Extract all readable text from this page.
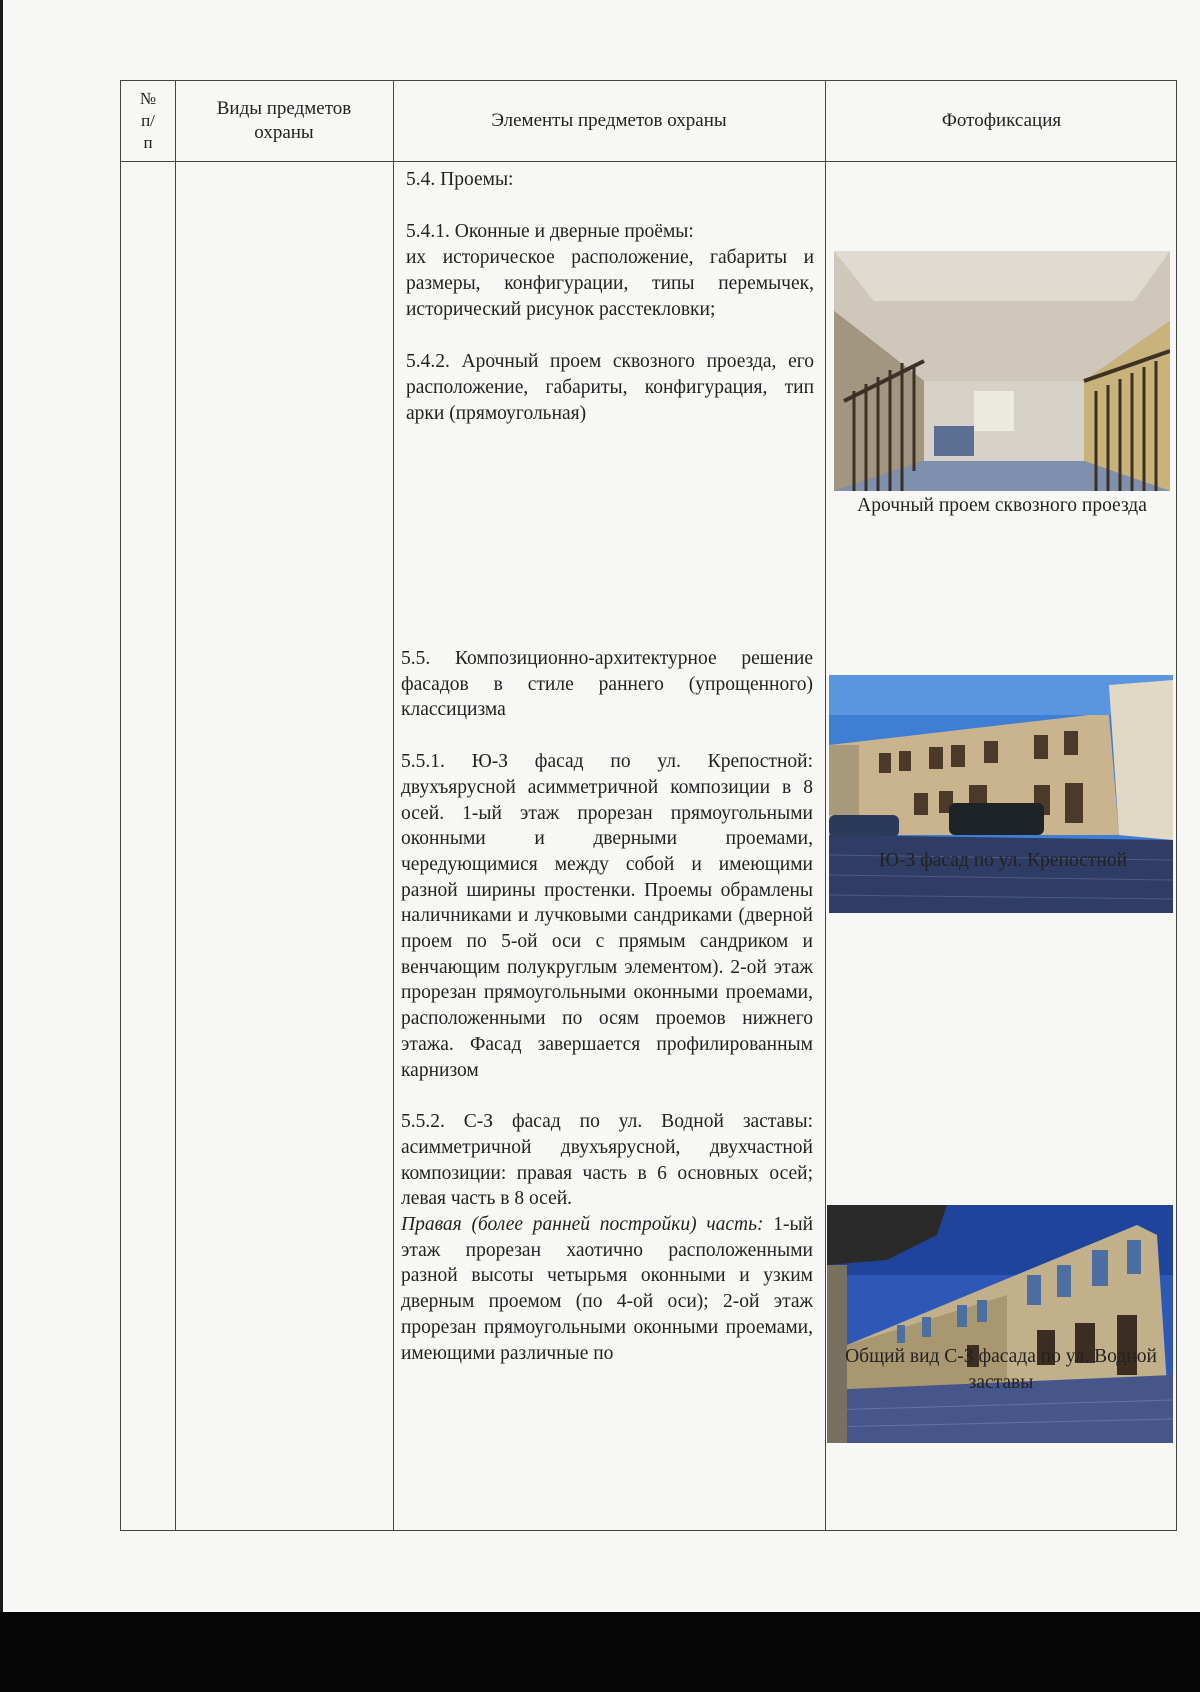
№ п/ п
Виды предметов охраны
Элементы предметов охраны	Фотофиксация

5.4. Проемы:

5.4.1. Оконные и дверные проёмы:

их историческое расположение, габариты и размеры, конфигурации, типы перемычек, исторический рисунок расстекловки;

5.4.2. Арочный проем сквозного проезда, его расположение, габариты, конфигурация, тип арки (прямоугольная)

5.5. Композиционно-архитектурное решение фасадов в стиле раннего (упрощенного) классицизма

5.5.1. Ю-З фасад по ул. Крепостной: двухъярусной асимметричной композиции в 8 осей. 1-ый этаж прорезан прямоугольными оконными и дверными проемами, чередующимися между собой и имеющими разной ширины простенки. Проемы обрамлены наличниками и лучковыми сандриками (дверной проем по 5-ой оси с прямым сандриком и венчающим полукруглым элементом). 2-ой этаж прорезан прямоугольными оконными проемами, расположенными по осям проемов нижнего этажа. Фасад завершается профилированным карнизом

5.5.2. С-З фасад по ул. Водной заставы: асимметричной двухъярусной, двухчастной композиции: правая часть в 6 основных осей; левая часть в 8 осей.

Правая (более ранней постройки) часть: 1-ый этаж прорезан хаотично расположенными разной высоты четырьмя оконными и узким дверным проемом (по 4-ой оси); 2-ой этаж прорезан прямоугольными оконными проемами, имеющими различные по

Арочный проем сквозного проезда
Ю-З фасад по ул. Крепостной
Общий вид С-З фасада по ул. Водной заставы
